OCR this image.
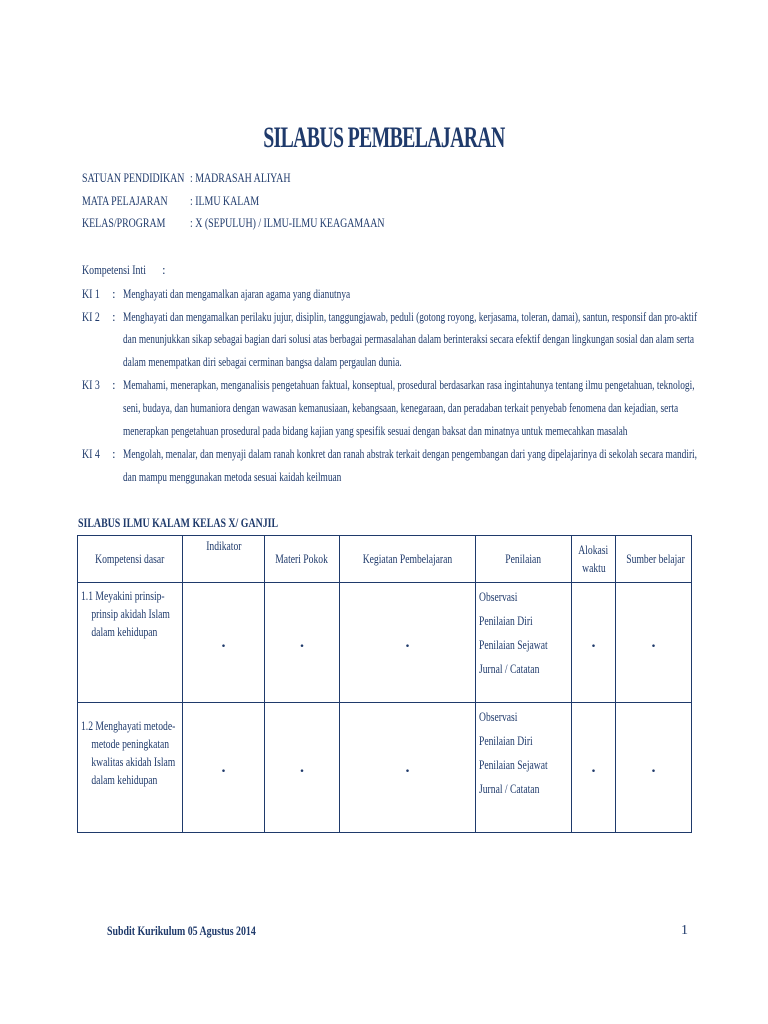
SILABUS PEMBELAJARAN
SATUAN PENDIDIKAN : MADRASAH ALIYAH
MATA PELAJARAN	: ILMU KALAM
KELAS/PROGRAM	: X (SEPULUH) / ILMU-ILMU KEAGAMAAN
Kompetensi Inti :
KI 1 : Menghayati dan mengamalkan ajaran agama yang dianutnya
KI 2 : Menghayati dan mengamalkan perilaku jujur, disiplin, tanggungjawab, peduli (gotong royong, kerjasama, toleran, damai), santun, responsif dan pro-aktif
dan menunjukkan sikap sebagai bagian dari solusi atas berbagai permasalahan dalam berinteraksi secara efektif dengan lingkungan sosial dan alam serta
dalam menempatkan diri sebagai cerminan bangsa dalam pergaulan dunia.
KI 3 : Memahami, menerapkan, menganalisis pengetahuan faktual, konseptual, prosedural berdasarkan rasa ingintahunya tentang ilmu pengetahuan, teknologi,
seni, budaya, dan humaniora dengan wawasan kemanusiaan, kebangsaan, kenegaraan, dan peradaban terkait penyebab fenomena dan kejadian, serta
menerapkan pengetahuan prosedural pada bidang kajian yang spesifik sesuai dengan baksat dan minatnya untuk memecahkan masalah
KI 4 : Mengolah, menalar, dan menyaji dalam ranah konkret dan ranah abstrak terkait dengan pengembangan dari yang dipelajarinya di sekolah secara mandiri,
dan mampu menggunakan metoda sesuai kaidah keilmuan
SILABUS ILMU KALAM KELAS X/ GANJIL
Kompetensi dasar	Indikator	Materi Pokok	Kegiatan Pembelajaran	Penilaian	Alokasi
waktu	Sumber belajar
1.1 Meyakini prinsip-
prinsip akidah Islam
dalam kehidupan	.	.	.	Observasi
Penilaian Diri
Penilaian Sejawat
Jurnal / Catatan	.	.
1.2 Menghayati metode-
metode peningkatan
kwalitas akidah Islam
dalam kehidupan	.	.	.	Observasi
Penilaian Diri
Penilaian Sejawat
Jurnal / Catatan	.	.
Subdit Kurikulum 05 Agustus 2014	1
